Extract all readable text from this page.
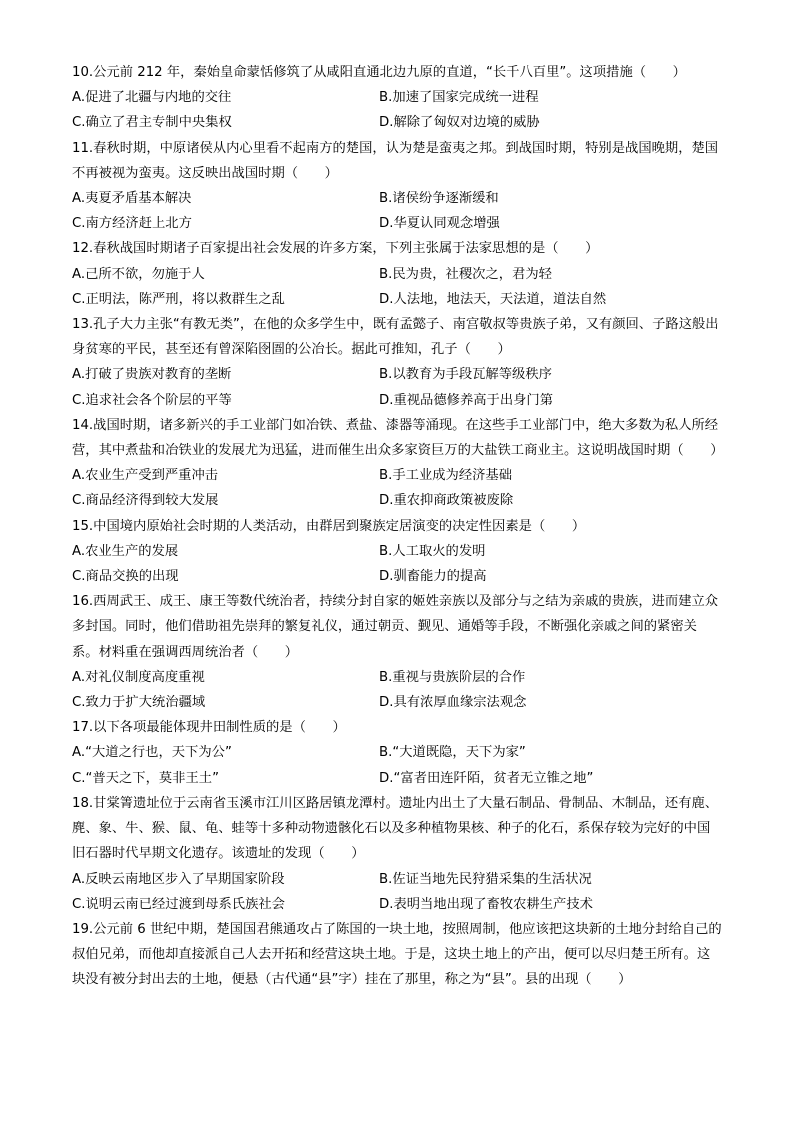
10.公元前 212 年，秦始皇命蒙恬修筑了从咸阳直通北边九原的直道，“长千八百里”。这项措施（　　）

A.促进了北疆与内地的交往	B.加速了国家完成统一进程
C.确立了君主专制中央集权	D.解除了匈奴对边境的威胁

11.春秋时期，中原诸侯从内心里看不起南方的楚国，认为楚是蛮夷之邦。到战国时期，特别是战国晚期，楚国不再被视为蛮夷。这反映出战国时期（　　）

A.夷夏矛盾基本解决	B.诸侯纷争逐渐缓和
C.南方经济赶上北方	D.华夏认同观念增强

12.春秋战国时期诸子百家提出社会发展的许多方案，下列主张属于法家思想的是（　　）

A.己所不欲，勿施于人	B.民为贵，社稷次之，君为轻
C.正明法，陈严刑，将以救群生之乱	D.人法地，地法天，天法道，道法自然

13.孔子大力主张“有教无类”，在他的众多学生中，既有孟懿子、南宫敬叔等贵族子弟，又有颜回、子路这般出身贫寒的平民，甚至还有曾深陷囹圄的公冶长。据此可推知，孔子（　　）

A.打破了贵族对教育的垄断	B.以教育为手段瓦解等级秩序
C.追求社会各个阶层的平等	D.重视品德修养高于出身门第

14.战国时期，诸多新兴的手工业部门如冶铁、煮盐、漆器等涌现。在这些手工业部门中，绝大多数为私人所经营，其中煮盐和冶铁业的发展尤为迅猛，进而催生出众多家资巨万的大盐铁工商业主。这说明战国时期（　　）

A.农业生产受到严重冲击	B.手工业成为经济基础
C.商品经济得到较大发展	D.重农抑商政策被废除

15.中国境内原始社会时期的人类活动，由群居到聚族定居演变的决定性因素是（　　）

A.农业生产的发展	B.人工取火的发明
C.商品交换的出现	D.驯畜能力的提高

16.西周武王、成王、康王等数代统治者，持续分封自家的姬姓亲族以及部分与之结为亲戚的贵族，进而建立众多封国。同时，他们借助祖先崇拜的繁复礼仪，通过朝贡、觐见、通婚等手段，不断强化亲戚之间的紧密关系。材料重在强调西周统治者（　　）

A.对礼仪制度高度重视	B.重视与贵族阶层的合作
C.致力于扩大统治疆域	D.具有浓厚血缘宗法观念

17.以下各项最能体现井田制性质的是（　　）

A.“大道之行也，天下为公”	B.“大道既隐，天下为家”
C.“普天之下，莫非王土”	D.“富者田连阡陌，贫者无立锥之地”

18.甘棠箐遗址位于云南省玉溪市江川区路居镇龙潭村。遗址内出土了大量石制品、骨制品、木制品，还有鹿、麂、象、牛、猴、鼠、龟、蛙等十多种动物遗骸化石以及多种植物果核、种子的化石，系保存较为完好的中国旧石器时代早期文化遗存。该遗址的发现（　　）

A.反映云南地区步入了早期国家阶段	B.佐证当地先民狩猎采集的生活状况
C.说明云南已经过渡到母系氏族社会	D.表明当地出现了畜牧农耕生产技术

19.公元前 6 世纪中期，楚国国君熊通攻占了陈国的一块土地，按照周制，他应该把这块新的土地分封给自己的叔伯兄弟，而他却直接派自己人去开拓和经营这块土地。于是，这块土地上的产出，便可以尽归楚王所有。这块没有被分封出去的土地，便悬（古代通“县”字）挂在了那里，称之为“县”。县的出现（　　）
